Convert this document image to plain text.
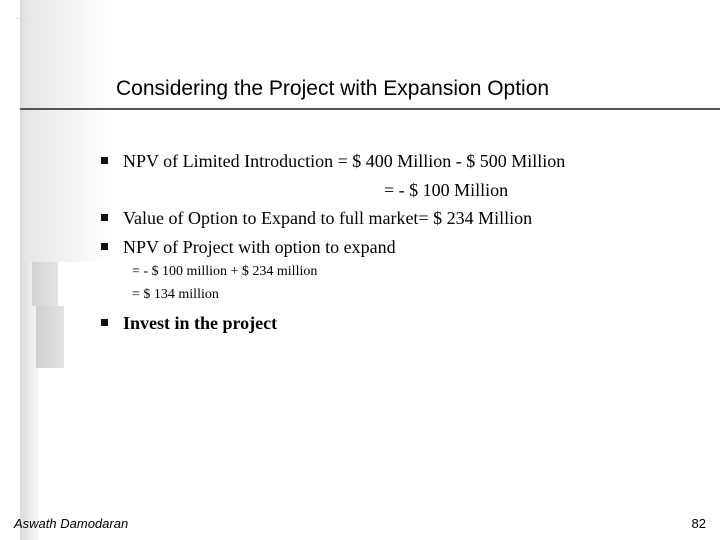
Considering the Project with Expansion Option
NPV of Limited Introduction = $ 400 Million - $ 500 Million
= - $ 100 Million
Value of Option to Expand to full market= $ 234 Million
NPV of Project with option to expand
= - $ 100 million + $ 234 million
= $ 134 million
Invest in the project
Aswath Damodaran	82
